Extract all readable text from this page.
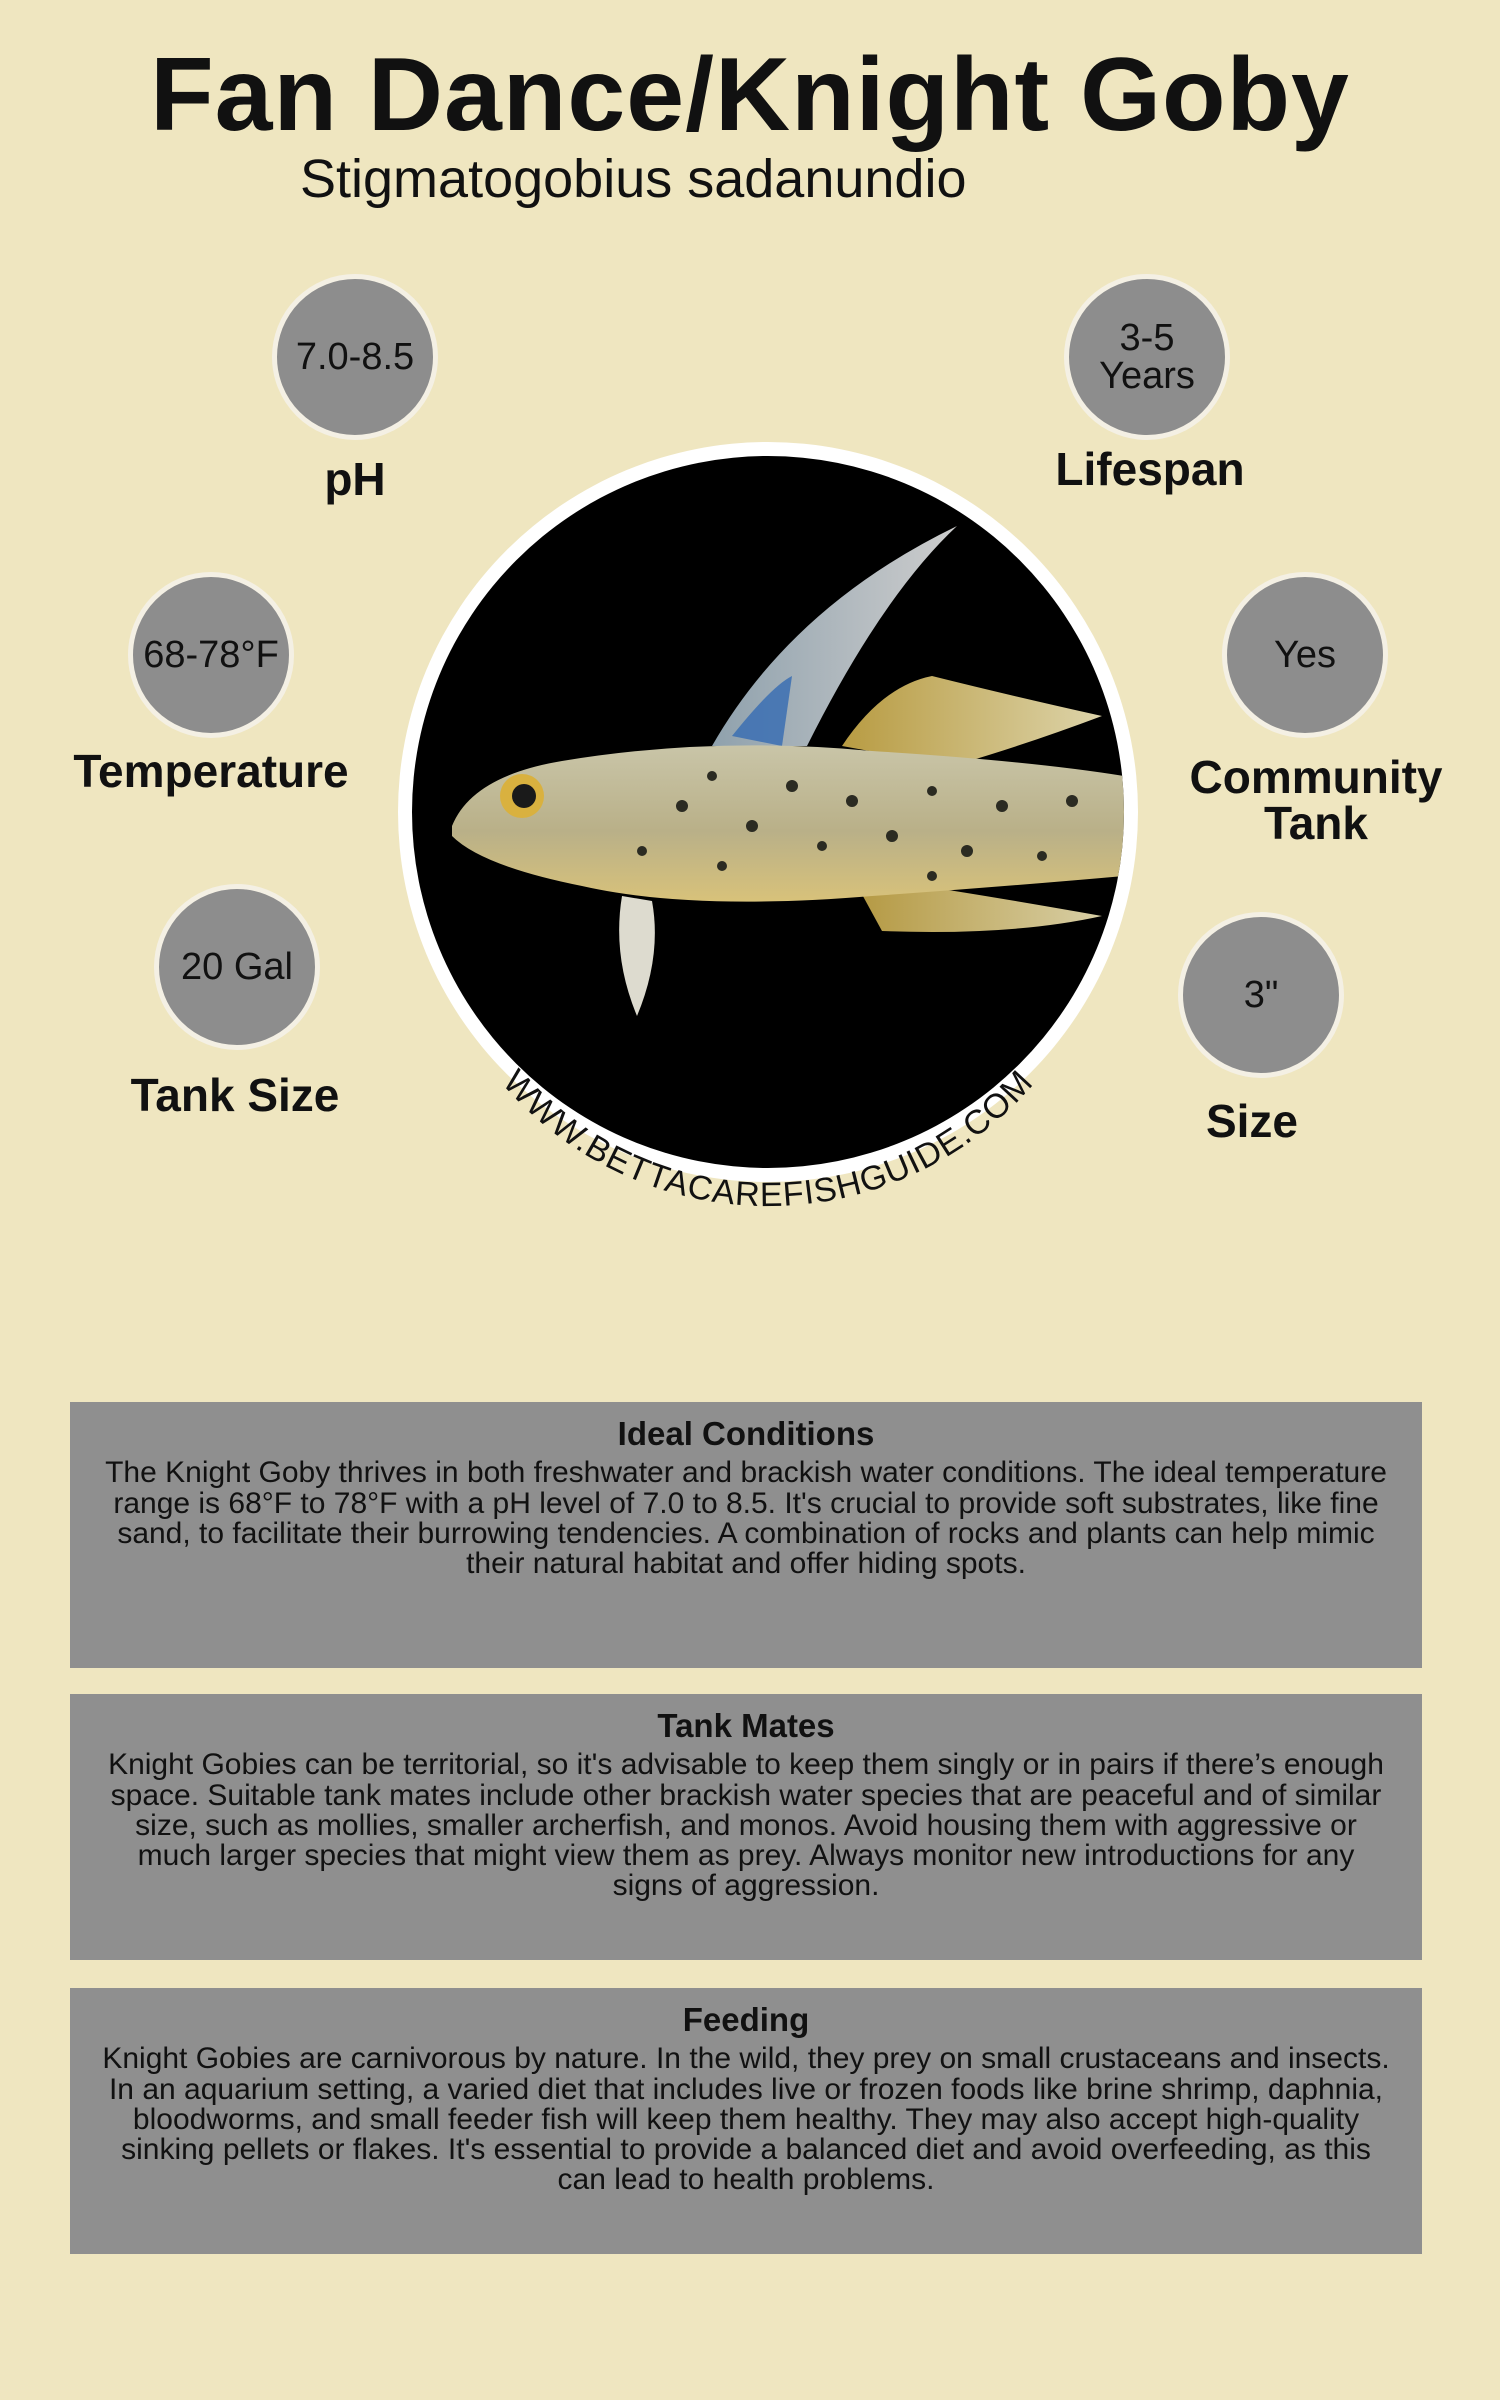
Fan Dance/Knight Goby
Stigmatogobius sadanundio
7.0-8.5
pH
3-5
Years
Lifespan
68-78°F
Temperature
Yes
Community
Tank
20 Gal
Tank Size
3"
Size
WWW.BETTACAREFISHGUIDE.COM
Ideal Conditions

The Knight Goby thrives in both freshwater and brackish water conditions. The ideal temperature range is 68°F to 78°F with a pH level of 7.0 to 8.5. It's crucial to provide soft substrates, like fine sand, to facilitate their burrowing tendencies. A combination of rocks and plants can help mimic their natural habitat and offer hiding spots.

Tank Mates

Knight Gobies can be territorial, so it's advisable to keep them singly or in pairs if there’s enough space. Suitable tank mates include other brackish water species that are peaceful and of similar size, such as mollies, smaller archerfish, and monos. Avoid housing them with aggressive or much larger species that might view them as prey. Always monitor new introductions for any signs of aggression.

Feeding

Knight Gobies are carnivorous by nature. In the wild, they prey on small crustaceans and insects. In an aquarium setting, a varied diet that includes live or frozen foods like brine shrimp, daphnia, bloodworms, and small feeder fish will keep them healthy. They may also accept high-quality sinking pellets or flakes. It's essential to provide a balanced diet and avoid overfeeding, as this can lead to health problems.
